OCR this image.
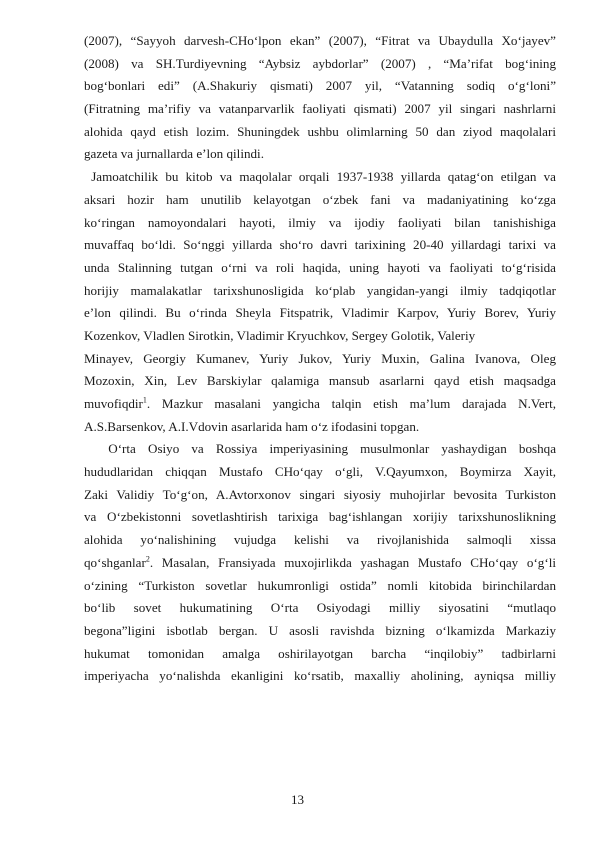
(2007), “Sayyoh darvesh-CHo‘lpon ekan” (2007), “Fitrat va Ubaydulla Xo‘jayev”
(2008) va SH.Turdiyevning “Aybsiz aybdorlar” (2007) , “Ma’rifat bog‘ining
bog‘bonlari edi” (A.Shakuriy qismati) 2007 yil, “Vatanning sodiq o‘g‘loni”
(Fitratning ma’rifiy va vatanparvarlik faoliyati qismati) 2007 yil singari nashrlarni
alohida qayd etish lozim. Shuningdek ushbu olimlarning 50 dan ziyod maqolalari
gazeta va jurnallarda e’lon qilindi.
Jamoatchilik bu kitob va maqolalar orqali 1937-1938 yillarda qatag‘on etilgan va
aksari hozir ham unutilib kelayotgan o‘zbek fani va madaniyatining ko‘zga
ko‘ringan namoyondalari hayoti, ilmiy va ijodiy faoliyati bilan tanishishiga
muvaffaq bo‘ldi. So‘nggi yillarda sho‘ro davri tarixining 20-40 yillardagi tarixi va
unda Stalinning tutgan o‘rni va roli haqida, uning hayoti va faoliyati to‘g‘risida
horijiy mamalakatlar tarixshunosligida ko‘plab yangidan-yangi ilmiy tadqiqotlar
e’lon qilindi. Bu o‘rinda Sheyla Fitspatrik, Vladimir Karpov, Yuriy Borev, Yuriy
Kozenkov, Vladlen Sirotkin, Vladimir Kryuchkov, Sergey Golotik, Valeriy
Minayev, Georgiy Kumanev, Yuriy Jukov, Yuriy Muxin, Galina Ivanova, Oleg
Mozoxin, Xin, Lev Barskiylar qalamiga mansub asarlarni qayd etish maqsadga
muvofiqdir$^1$. Mazkur masalani yangicha talqin etish ma’lum darajada N.Vert,
A.S.Barsenkov, A.I.Vdovin asarlarida ham o‘z ifodasini topgan.
O‘rta Osiyo va Rossiya imperiyasining musulmonlar yashaydigan boshqa
hududlaridan chiqqan Mustafo CHo‘qay o‘gli, V.Qayumxon, Boymirza Xayit,
Zaki Validiy To‘g‘on, A.Avtorxonov singari siyosiy muhojirlar bevosita Turkiston
va O‘zbekistonni sovetlashtirish tarixiga bag‘ishlangan xorijiy tarixshunoslikning
alohida yo‘nalishining vujudga kelishi va rivojlanishida salmoqli xissa
qo‘shganlar$^2$. Masalan, Fransiyada muxojirlikda yashagan Mustafo CHo‘qay o‘g‘li
o‘zining “Turkiston sovetlar hukumronligi ostida” nomli kitobida birinchilardan
bo‘lib sovet hukumatining O‘rta Osiyodagi milliy siyosatini “mutlaqo
begona”ligini isbotlab bergan. U asosli ravishda bizning o‘lkamizda Markaziy
hukumat tomonidan amalga oshirilayotgan barcha “inqilobiy” tadbirlarni
imperiyacha yo‘nalishda ekanligini ko‘rsatib, maxalliy aholining, ayniqsa milliy
13
